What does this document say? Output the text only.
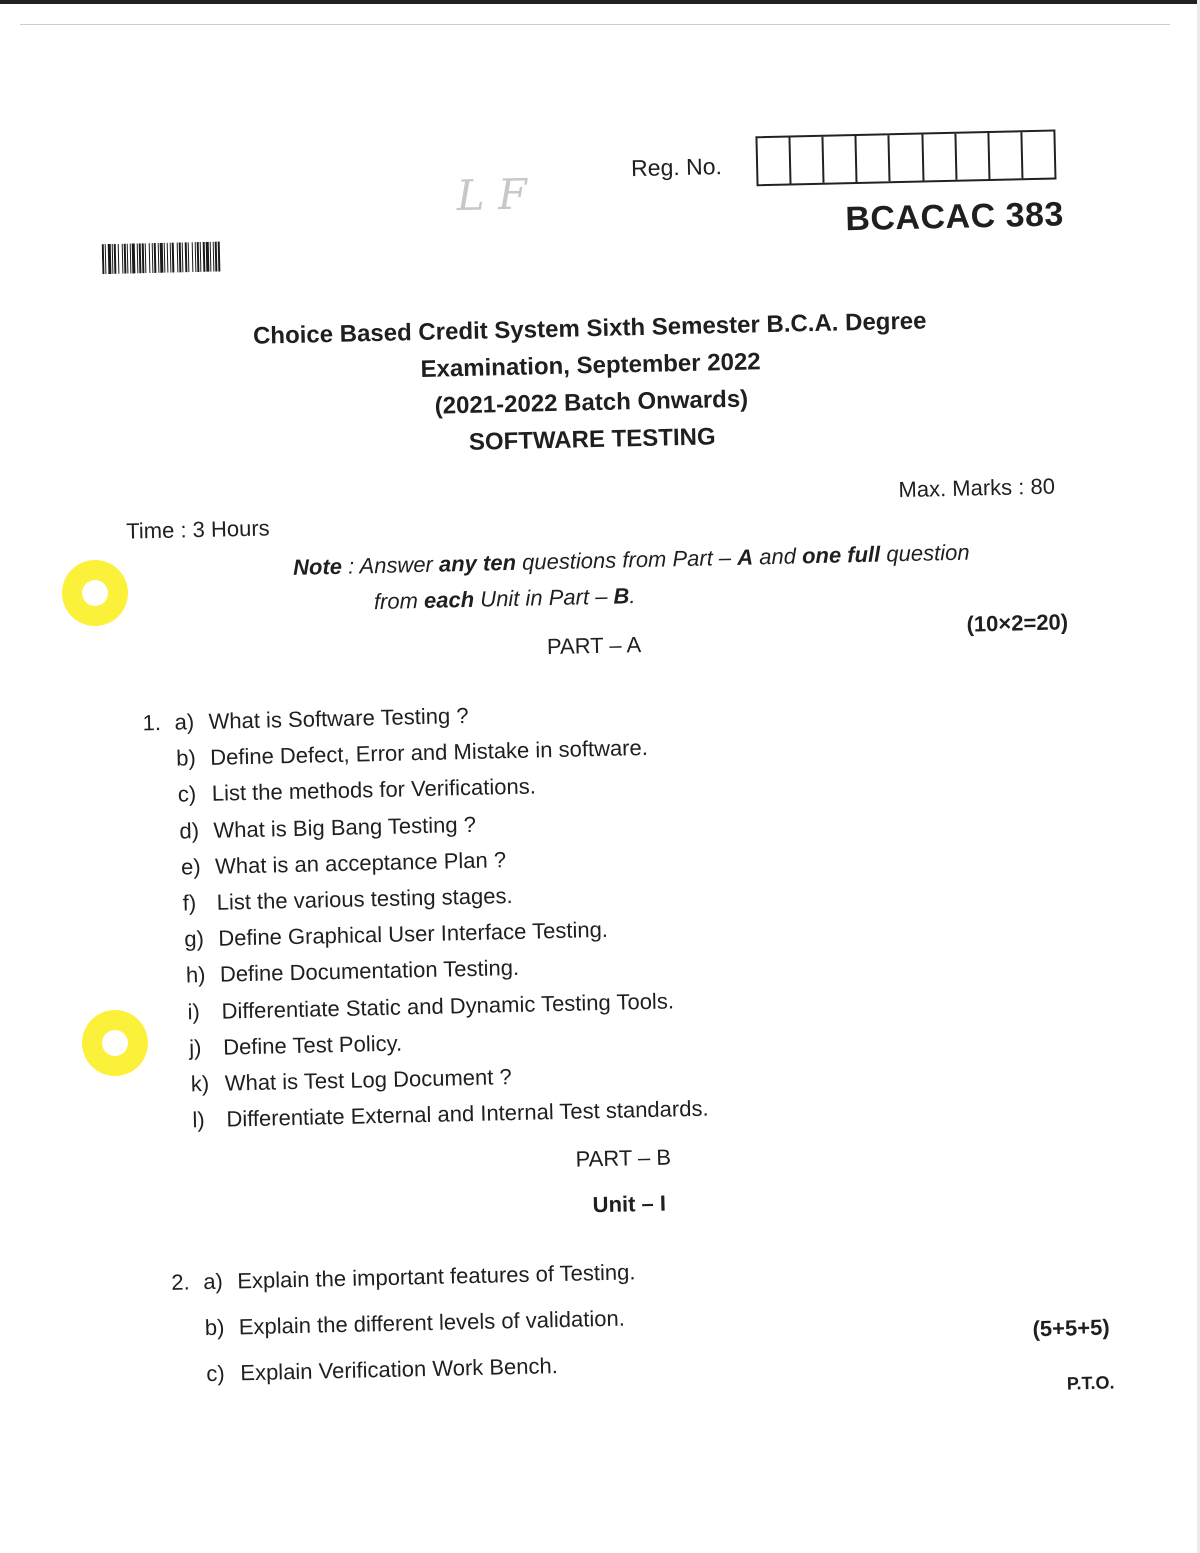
L F
Reg. No.
BCACAC 383
Choice Based Credit System Sixth Semester B.C.A. Degree
Examination, September 2022
(2021-2022 Batch Onwards)
SOFTWARE TESTING
Time : 3 Hours
Max. Marks : 80
Note : Answer any ten questions from Part – A and one full question
from each Unit in Part – B.
PART – A
(10×2=20)
1. a) What is Software Testing ?
b) Define Defect, Error and Mistake in software.
c) List the methods for Verifications.
d) What is Big Bang Testing ?
e) What is an acceptance Plan ?
f) List the various testing stages.
g) Define Graphical User Interface Testing.
h) Define Documentation Testing.
i) Differentiate Static and Dynamic Testing Tools.
j) Define Test Policy.
k) What is Test Log Document ?
l) Differentiate External and Internal Test standards.
PART – B
Unit – I
2. a) Explain the important features of Testing.
b) Explain the different levels of validation.
c) Explain Verification Work Bench.
(5+5+5)
P.T.O.
